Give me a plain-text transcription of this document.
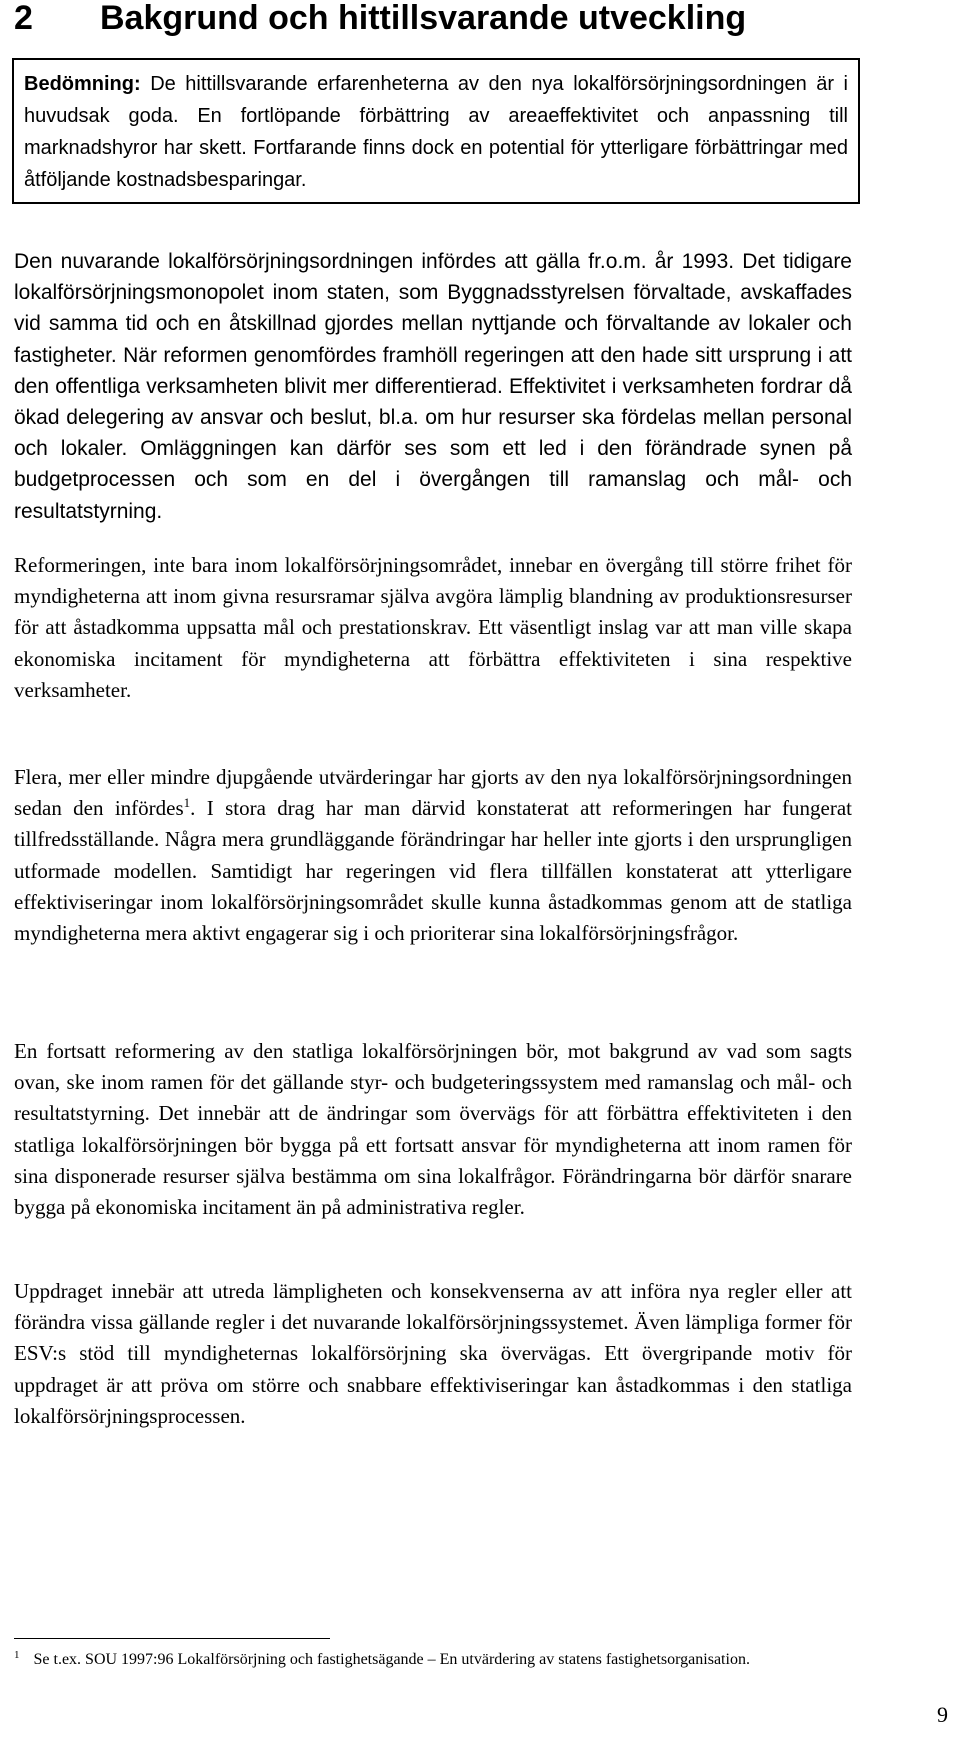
2 Bakgrund och hittillsvarande utveckling
Bedömning: De hittillsvarande erfarenheterna av den nya lokalförsörjningsordningen är i huvudsak goda. En fortlöpande förbättring av areaeffektivitet och anpassning till marknadshyror har skett. Fortfarande finns dock en potential för ytterligare förbättringar med åtföljande kostnadsbesparingar.

Den nuvarande lokalförsörjningsordningen infördes att gälla fr.o.m. år 1993. Det tidigare lokalförsörjningsmonopolet inom staten, som Byggnadsstyrelsen förvaltade, avskaffades vid samma tid och en åtskillnad gjordes mellan nyttjande och förvaltande av lokaler och fastigheter. När reformen genomfördes framhöll regeringen att den hade sitt ursprung i att den offentliga verksamheten blivit mer differentierad. Effektivitet i verksamheten fordrar då ökad delegering av ansvar och beslut, bl.a. om hur resurser ska fördelas mellan personal och lokaler. Omläggningen kan därför ses som ett led i den förändrade synen på budgetprocessen och som en del i övergången till ramanslag och mål- och resultatstyrning.

Reformeringen, inte bara inom lokalförsörjningsområdet, innebar en övergång till större frihet för myndigheterna att inom givna resursramar själva avgöra lämplig blandning av produktionsresurser för att åstadkomma uppsatta mål och prestationskrav. Ett väsentligt inslag var att man ville skapa ekonomiska incitament för myndigheterna att förbättra effektiviteten i sina respektive verksamheter.

Flera, mer eller mindre djupgående utvärderingar har gjorts av den nya lokalförsörjningsordningen sedan den infördes$^1$. I stora drag har man därvid konstaterat att reformeringen har fungerat tillfredsställande. Några mera grundläggande förändringar har heller inte gjorts i den ursprungligen utformade modellen. Samtidigt har regeringen vid flera tillfällen konstaterat att ytterligare effektiviseringar inom lokalförsörjningsområdet skulle kunna åstadkommas genom att de statliga myndigheterna mera aktivt engagerar sig i och prioriterar sina lokalförsörjningsfrågor.

En fortsatt reformering av den statliga lokalförsörjningen bör, mot bakgrund av vad som sagts ovan, ske inom ramen för det gällande styr- och budgeteringssystem med ramanslag och mål- och resultatstyrning. Det innebär att de ändringar som övervägs för att förbättra effektiviteten i den statliga lokalförsörjningen bör bygga på ett fortsatt ansvar för myndigheterna att inom ramen för sina disponerade resurser själva bestämma om sina lokalfrågor. Förändringarna bör därför snarare bygga på ekonomiska incitament än på administrativa regler.

Uppdraget innebär att utreda lämpligheten och konsekvenserna av att införa nya regler eller att förändra vissa gällande regler i det nuvarande lokalförsörjningssystemet. Även lämpliga former för ESV:s stöd till myndigheternas lokalförsörjning ska övervägas. Ett övergripande motiv för uppdraget är att pröva om större och snabbare effektiviseringar kan åstadkommas i den statliga lokalförsörjningsprocessen.

$^1$ Se t.ex. SOU 1997:96 Lokalförsörjning och fastighetsägande – En utvärdering av statens fastighetsorganisation.

9
